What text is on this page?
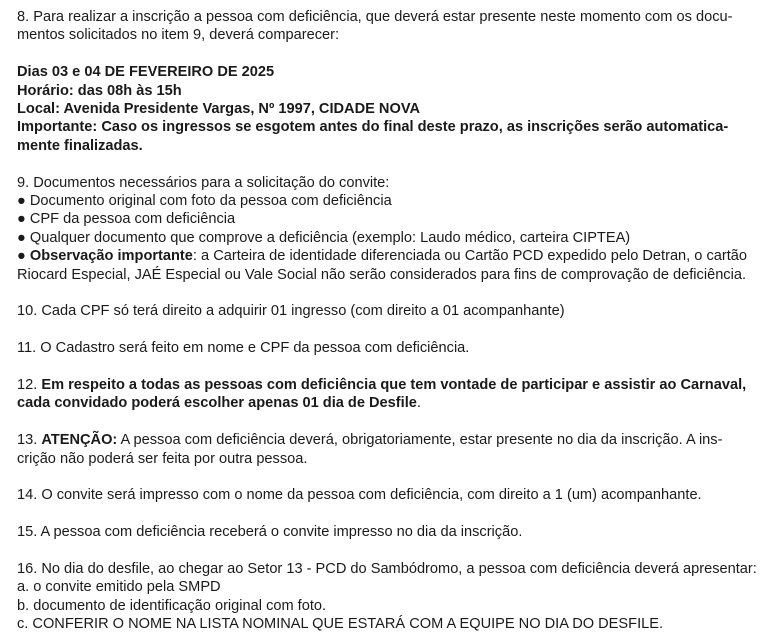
8. Para realizar a inscrição a pessoa com deficiência, que deverá estar presente neste momento com os docu-
mentos solicitados no item 9, deverá comparecer:

Dias 03 e 04 DE FEVEREIRO DE 2025
Horário: das 08h às 15h
Local: Avenida Presidente Vargas, Nº 1997, CIDADE NOVA
Importante: Caso os ingressos se esgotem antes do final deste prazo, as inscrições serão automatica-
mente finalizadas.

9. Documentos necessários para a solicitação do convite:
● Documento original com foto da pessoa com deficiência
● CPF da pessoa com deficiência
● Qualquer documento que comprove a deficiência (exemplo: Laudo médico, carteira CIPTEA)
● Observação importante: a Carteira de identidade diferenciada ou Cartão PCD expedido pelo Detran, o cartão
Riocard Especial, JAÉ Especial ou Vale Social não serão considerados para fins de comprovação de deficiência.

10. Cada CPF só terá direito a adquirir 01 ingresso (com direito a 01 acompanhante)

11. O Cadastro será feito em nome e CPF da pessoa com deficiência.

12. Em respeito a todas as pessoas com deficiência que tem vontade de participar e assistir ao Carnaval,
cada convidado poderá escolher apenas 01 dia de Desfile.

13. ATENÇÃO: A pessoa com deficiência deverá, obrigatoriamente, estar presente no dia da inscrição. A ins-
crição não poderá ser feita por outra pessoa.

14. O convite será impresso com o nome da pessoa com deficiência, com direito a 1 (um) acompanhante.

15. A pessoa com deficiência receberá o convite impresso no dia da inscrição.

16. No dia do desfile, ao chegar ao Setor 13 - PCD do Sambódromo, a pessoa com deficiência deverá apresentar:
a. o convite emitido pela SMPD
b. documento de identificação original com foto.
c. CONFERIR O NOME NA LISTA NOMINAL QUE ESTARÁ COM A EQUIPE NO DIA DO DESFILE.
